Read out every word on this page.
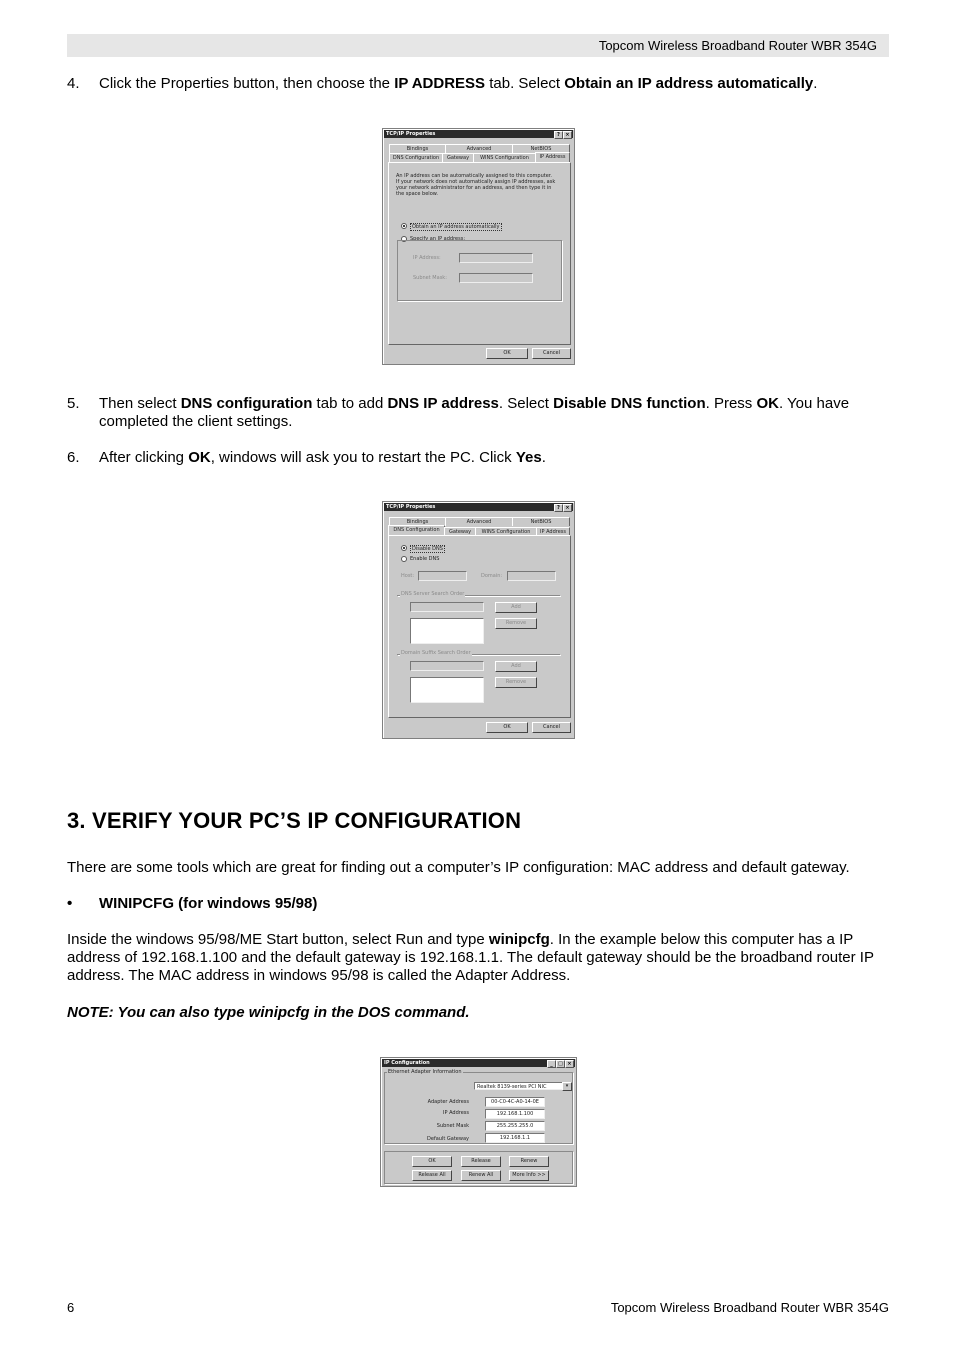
Topcom Wireless Broadband Router WBR 354G
4. Click the Properties button, then choose the IP ADDRESS tab. Select Obtain an IP address automatically.
TCP/IP Properties	?	×
Bindings	Advanced	NetBIOS
DNS Configuration	Gateway	WINS Configuration	IP Address
An IP address can be automatically assigned to this computer. If your network does not automatically assign IP addresses, ask your network administrator for an address, and then type it in the space below.
Obtain an IP address automatically
Specify an IP address:
IP Address:
Subnet Mask:
OK	Cancel
5. Then select DNS configuration tab to add DNS IP address. Select Disable DNS function. Press OK. You have completed the client settings.
6. After clicking OK, windows will ask you to restart the PC. Click Yes.
TCP/IP Properties	?	×
Bindings	Advanced	NetBIOS
DNS Configuration	Gateway	WINS Configuration	IP Address
Disable DNS
Enable DNS
Host:	Domain:
DNS Server Search Order
Add
Remove
Domain Suffix Search Order
Add
Remove
OK	Cancel
3. VERIFY YOUR PC’S IP CONFIGURATION
There are some tools which are great for finding out a computer’s IP configuration: MAC address and default gateway.
• WINIPCFG (for windows 95/98)
Inside the windows 95/98/ME Start button, select Run and type winipcfg. In the example below this computer has a IP address of 192.168.1.100 and the default gateway is 192.168.1.1. The default gateway should be the broadband router IP address. The MAC address in windows 95/98 is called the Adapter Address.
NOTE: You can also type winipcfg in the DOS command.
IP Configuration	_	□ ×
Ethernet Adapter Information
Realtek 8139-series PCI NIC	▾
Adapter Address	00-C0-4C-A0-14-0E
IP Address	192.168.1.100
Subnet Mask	255.255.255.0
Default Gateway	192.168.1.1
OK	Release	Renew
Release All	Renew All	More Info >>
6	Topcom Wireless Broadband Router WBR 354G
